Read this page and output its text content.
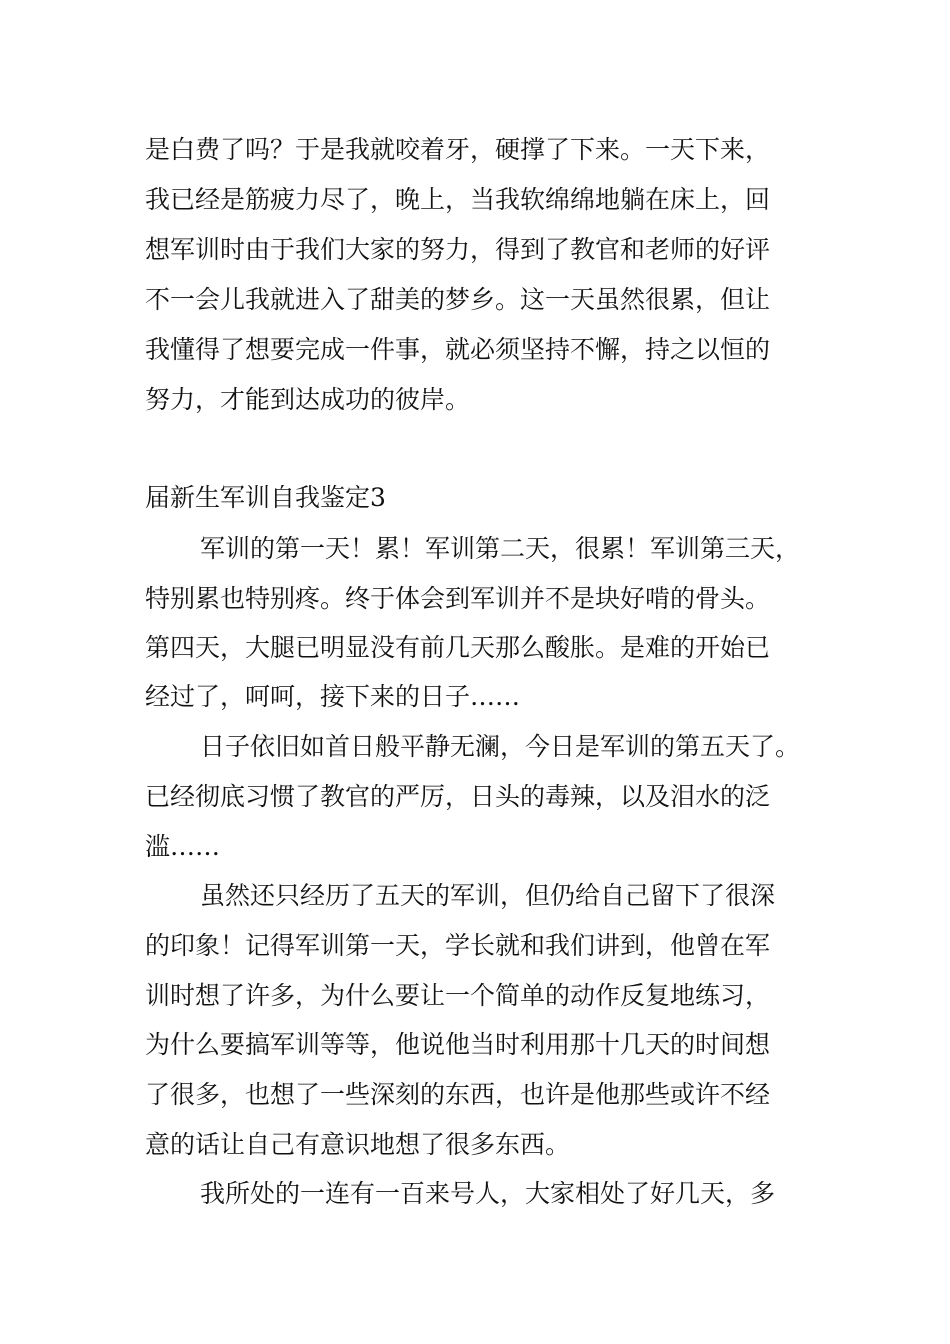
是白费了吗？于是我就咬着牙，硬撑了下来。一天下来，

我已经是筋疲力尽了，晚上，当我软绵绵地躺在床上，回

想军训时由于我们大家的努力，得到了教官和老师的好评

不一会儿我就进入了甜美的梦乡。这一天虽然很累，但让

我懂得了想要完成一件事，就必须坚持不懈，持之以恒的

努力，才能到达成功的彼岸。

届新生军训自我鉴定3

军训的第一天！累！军训第二天，很累！军训第三天，

特别累也特别疼。终于体会到军训并不是块好啃的骨头。

第四天，大腿已明显没有前几天那么酸胀。是难的开始已

经过了，呵呵，接下来的日子……

日子依旧如首日般平静无澜，今日是军训的第五天了。

已经彻底习惯了教官的严厉，日头的毒辣，以及泪水的泛

滥……

虽然还只经历了五天的军训，但仍给自己留下了很深

的印象！记得军训第一天，学长就和我们讲到，他曾在军

训时想了许多，为什么要让一个简单的动作反复地练习，

为什么要搞军训等等，他说他当时利用那十几天的时间想

了很多，也想了一些深刻的东西，也许是他那些或许不经

意的话让自己有意识地想了很多东西。

我所处的一连有一百来号人，大家相处了好几天，多
